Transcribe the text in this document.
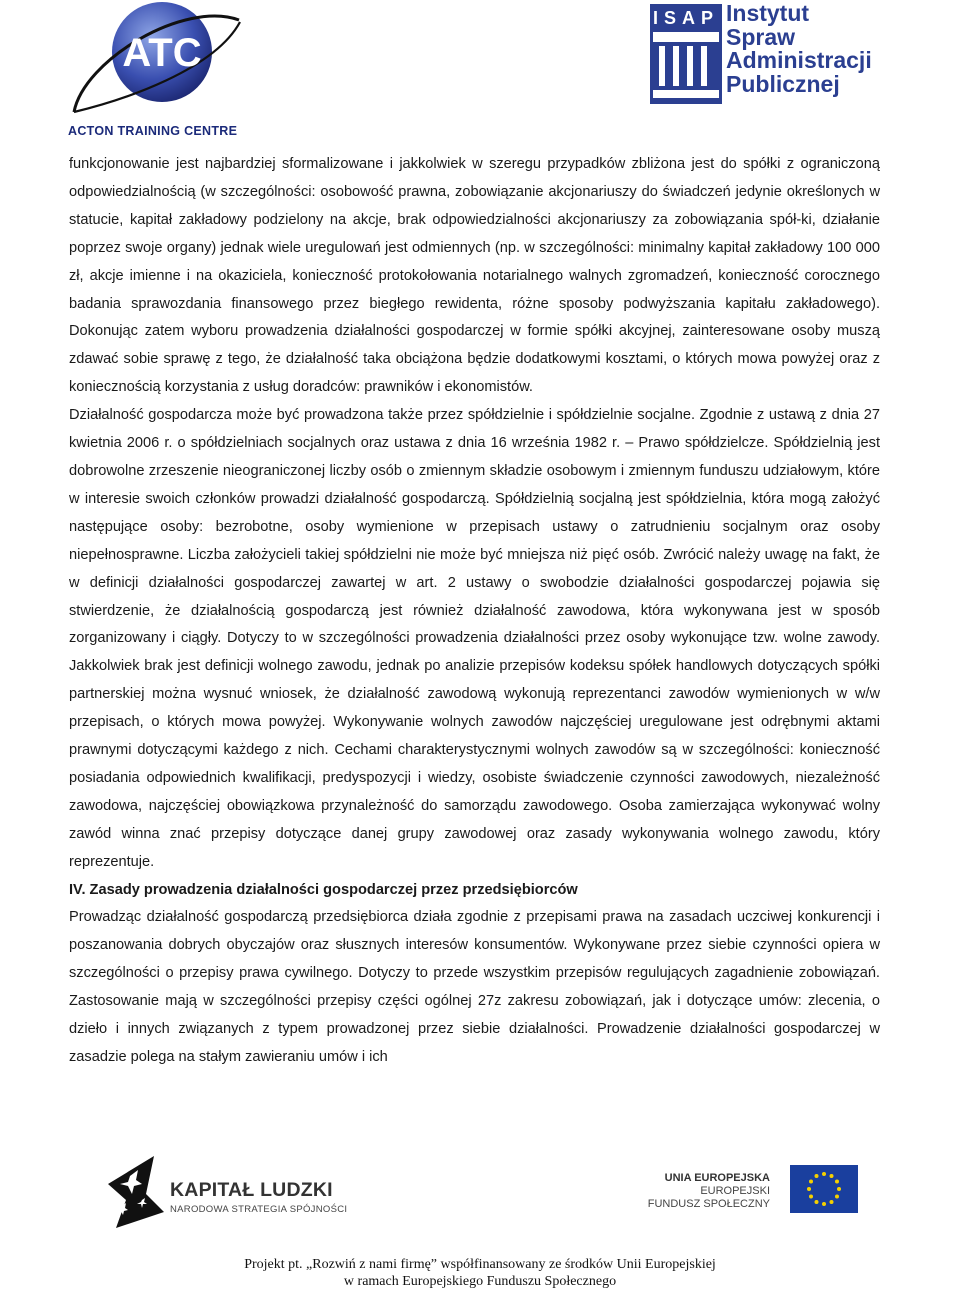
ATC
ACTON TRAINING CENTRE
ISAP Instytut
Spraw
Administracji
Publicznej

funkcjonowanie jest najbardziej sformalizowane i jakkolwiek w szeregu przypadków zbliżona jest do spółki z ograniczoną odpowiedzialnością (w szczególności: osobowość prawna, zobowiązanie akcjonariuszy do świadczeń jedynie określonych w statucie, kapitał zakładowy podzielony na akcje, brak odpowiedzialności akcjonariuszy za zobowiązania spół-ki, działanie poprzez swoje organy) jednak wiele uregulowań jest odmiennych (np. w szczególności: minimalny kapitał zakładowy 100 000 zł, akcje imienne i na okaziciela, konieczność protokołowania notarialnego walnych zgromadzeń, konieczność corocznego badania sprawozdania finansowego przez biegłego rewidenta, różne sposoby podwyższania kapitału zakładowego). Dokonując zatem wyboru prowadzenia działalności gospodarczej w formie spółki akcyjnej, zainteresowane osoby muszą zdawać sobie sprawę z tego, że działalność taka obciążona będzie dodatkowymi kosztami, o których mowa powyżej oraz z koniecznością korzystania z usług doradców: prawników i ekonomistów.

Działalność gospodarcza może być prowadzona także przez spółdzielnie i spółdzielnie socjalne. Zgodnie z ustawą z dnia 27 kwietnia 2006 r. o spółdzielniach socjalnych oraz ustawa z dnia 16 września 1982 r. – Prawo spółdzielcze. Spółdzielnią jest dobrowolne zrzeszenie nieograniczonej liczby osób o zmiennym składzie osobowym i zmiennym funduszu udziałowym, które w interesie swoich członków prowadzi działalność gospodarczą. Spółdzielnią socjalną jest spółdzielnia, która mogą założyć następujące osoby: bezrobotne, osoby wymienione w przepisach ustawy o zatrudnieniu socjalnym oraz osoby niepełnosprawne. Liczba założycieli takiej spółdzielni nie może być mniejsza niż pięć osób. Zwrócić należy uwagę na fakt, że w definicji działalności gospodarczej zawartej w art. 2 ustawy o swobodzie działalności gospodarczej pojawia się stwierdzenie, że działalnością gospodarczą jest również działalność zawodowa, która wykonywana jest w sposób zorganizowany i ciągły. Dotyczy to w szczególności prowadzenia działalności przez osoby wykonujące tzw. wolne zawody. Jakkolwiek brak jest definicji wolnego zawodu, jednak po analizie przepisów kodeksu spółek handlowych dotyczących spółki partnerskiej można wysnuć wniosek, że działalność zawodową wykonują reprezentanci zawodów wymienionych w w/w przepisach, o których mowa powyżej. Wykonywanie wolnych zawodów najczęściej uregulowane jest odrębnymi aktami prawnymi dotyczącymi każdego z nich. Cechami charakterystycznymi wolnych zawodów są w szczególności: konieczność posiadania odpowiednich kwalifikacji, predyspozycji i wiedzy, osobiste świadczenie czynności zawodowych, niezależność zawodowa, najczęściej obowiązkowa przynależność do samorządu zawodowego. Osoba zamierzająca wykonywać wolny zawód winna znać przepisy dotyczące danej grupy zawodowej oraz zasady wykonywania wolnego zawodu, który reprezentuje.

IV. Zasady prowadzenia działalności gospodarczej przez przedsiębiorców

Prowadząc działalność gospodarczą przedsiębiorca działa zgodnie z przepisami prawa na zasadach uczciwej konkurencji i poszanowania dobrych obyczajów oraz słusznych interesów konsumentów. Wykonywane przez siebie czynności opiera w szczególności o przepisy prawa cywilnego. Dotyczy to przede wszystkim przepisów regulujących zagadnienie zobowiązań. Zastosowanie mają w szczególności przepisy części ogólnej 27z zakresu zobowiązań, jak i dotyczące umów: zlecenia, o dzieło i innych związanych z typem prowadzonej przez siebie działalności. Prowadzenie działalności gospodarczej w zasadzie polega na stałym zawieraniu umów i ich

KAPITAŁ LUDZKI
NARODOWA STRATEGIA SPÓJNOŚCI
UNIA EUROPEJSKA
EUROPEJSKI
FUNDUSZ SPOŁECZNY
Projekt pt. „Rozwiń z nami firmę” współfinansowany ze środków Unii Europejskiej
w ramach Europejskiego Funduszu Społecznego
